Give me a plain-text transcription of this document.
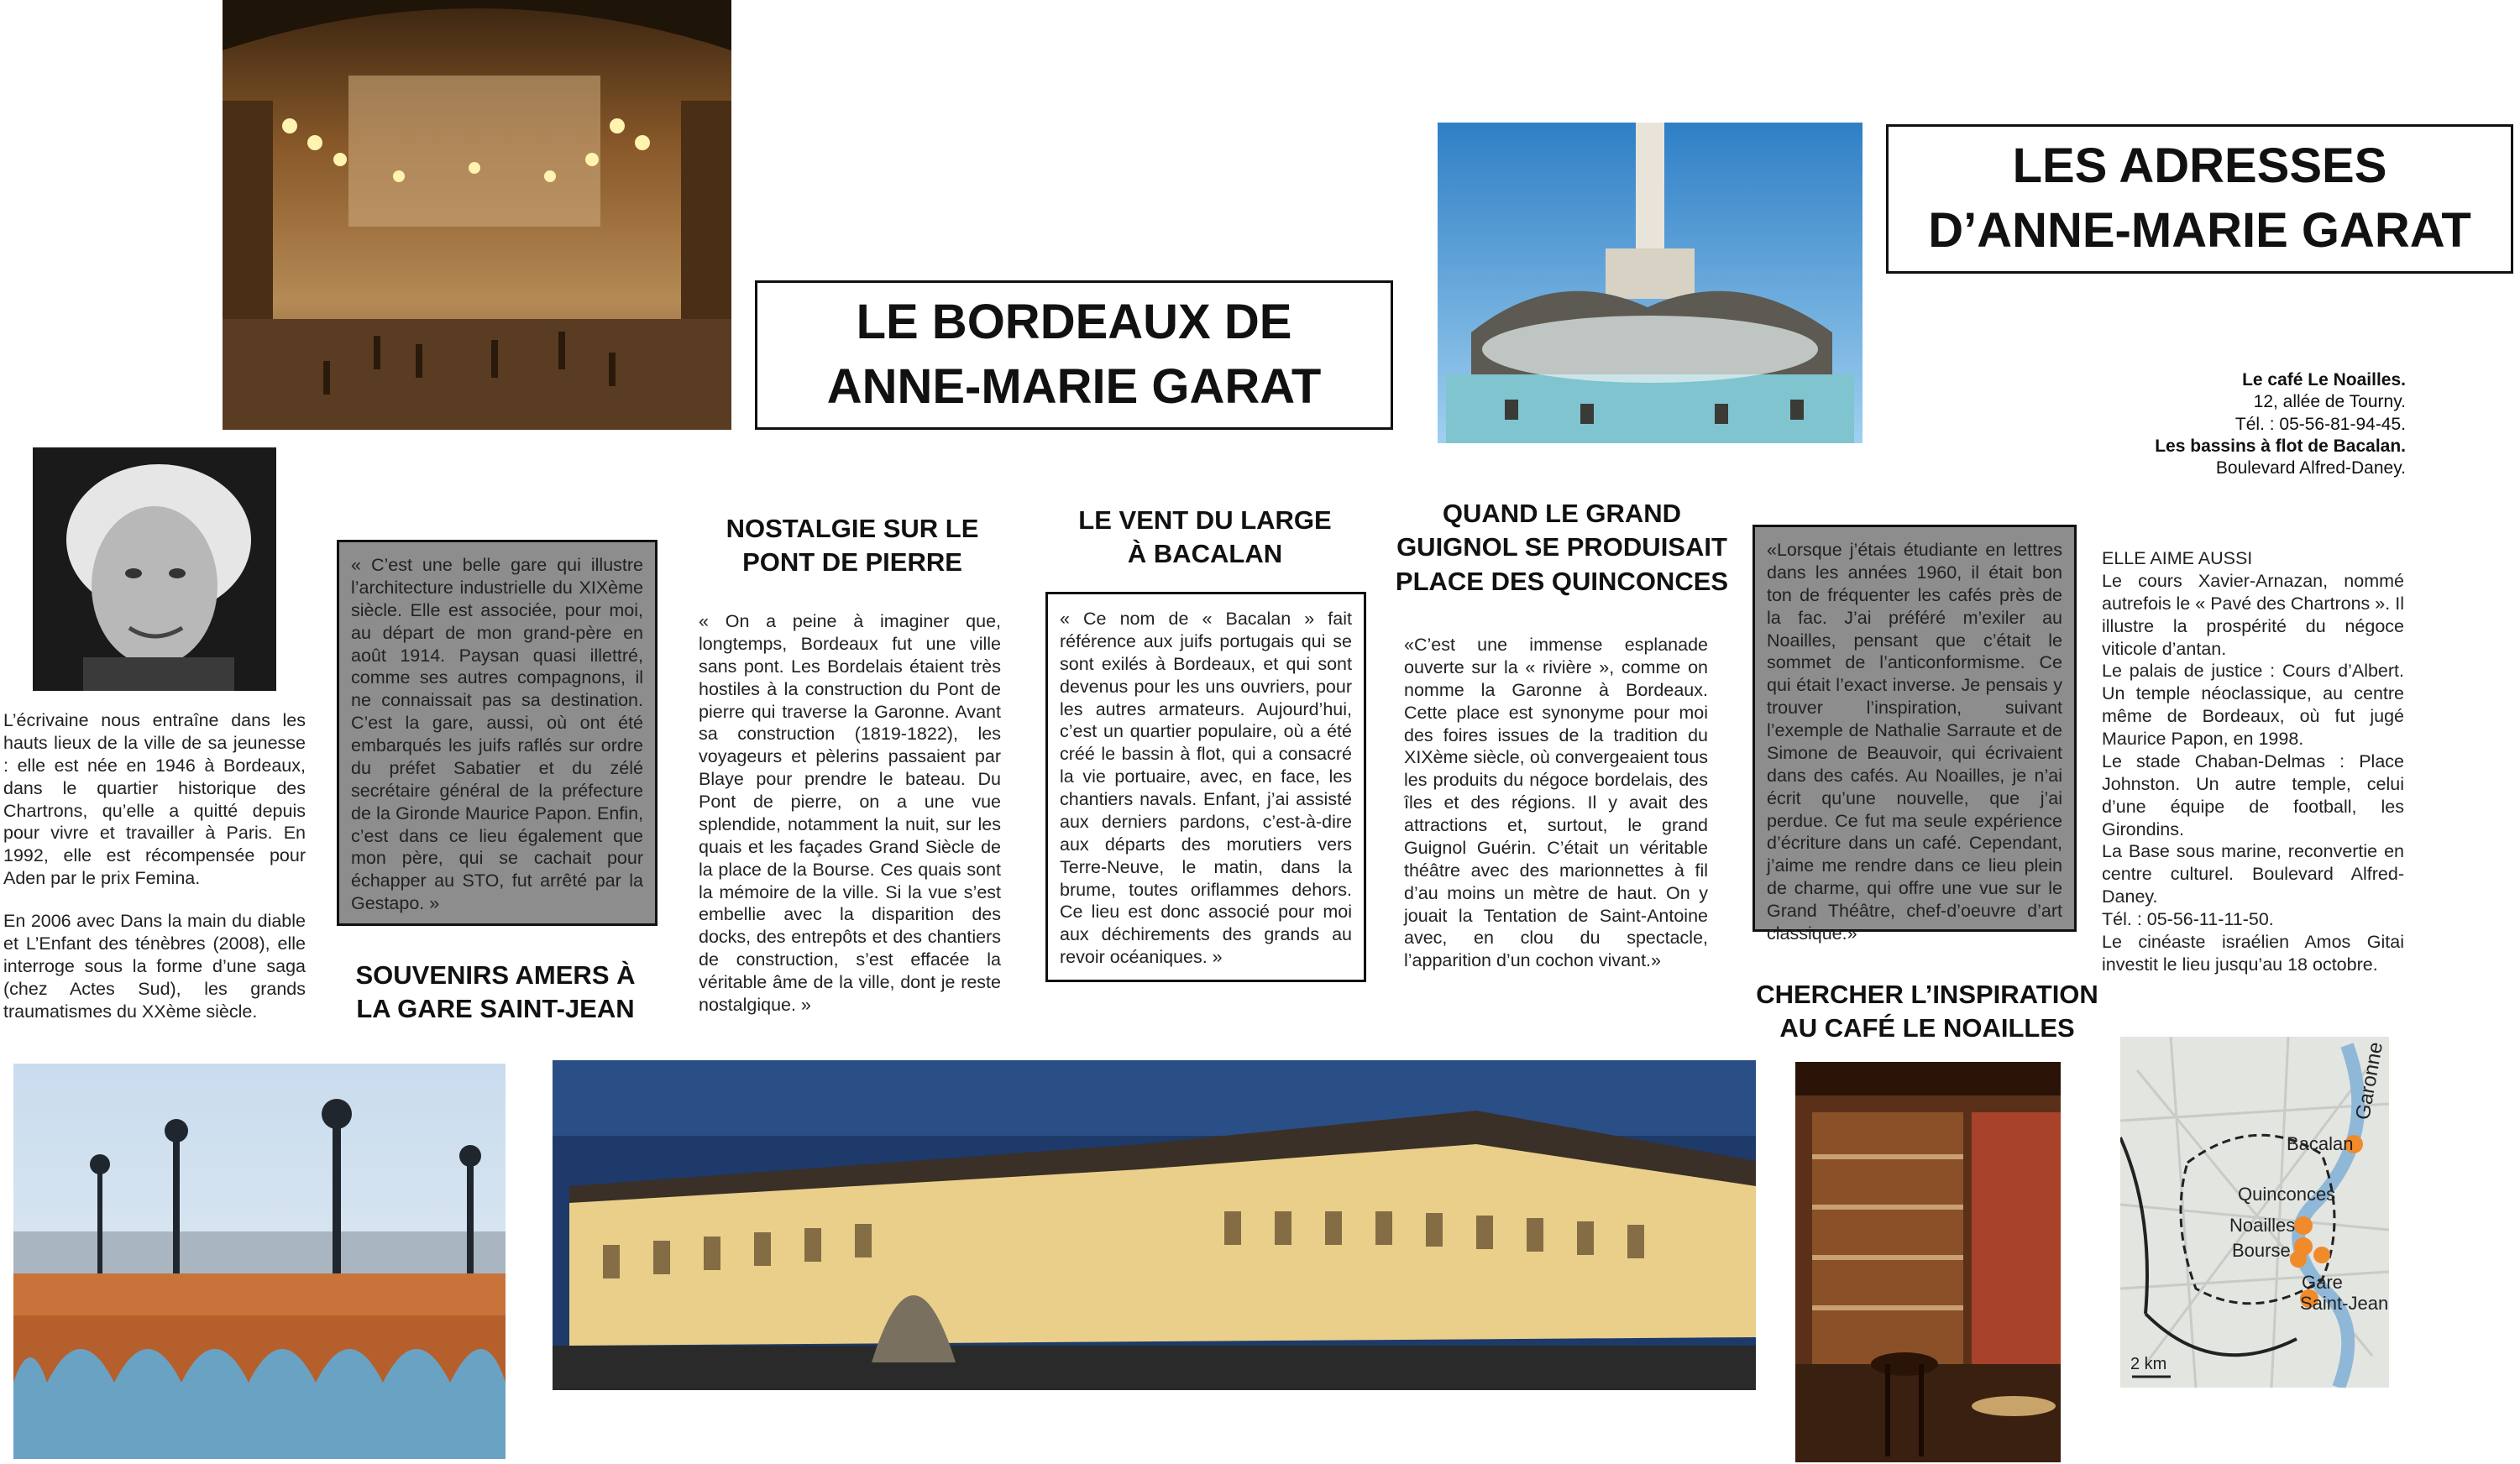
Garonne
Bacalan
Quinconces
Noailles
Bourse
Gare
Saint-Jean
2 km
LE BORDEAUX DE
ANNE-MARIE GARAT
LES ADRESSES
D’ANNE-MARIE GARAT

L’écrivaine nous entraîne dans les hauts lieux de la ville de sa jeunesse : elle est née en 1946 à Bordeaux, dans le quartier historique des Chartrons, qu’elle a quitté depuis pour vivre et travailler à Paris. En 1992, elle est récompensée pour Aden par le prix Femina.

En 2006 avec Dans la main du diable et L’Enfant des ténèbres (2008), elle interroge sous la forme d’une saga (chez Actes Sud), les grands traumatismes du XXème siècle.

« C’est une belle gare qui illustre l’architecture industrielle du XIXème siècle. Elle est associée, pour moi, au départ de mon grand-père en août 1914. Paysan quasi illettré, comme ses autres compagnons, il ne connaissait pas sa destination. C’est la gare, aussi, où ont été embarqués les juifs raflés sur ordre du préfet Sabatier et du zélé secrétaire général de la préfecture de la Gironde Maurice Papon. Enfin, c’est dans ce lieu également que mon père, qui se cachait pour échapper au STO, fut arrêté par la Gestapo. »
SOUVENIRS AMERS À
LA GARE SAINT-JEAN
NOSTALGIE SUR LE
PONT DE PIERRE
« On a peine à imaginer que, longtemps, Bordeaux fut une ville sans pont. Les Bordelais étaient très hostiles à la construction du Pont de pierre qui traverse la Garonne. Avant sa construction (1819-1822), les voyageurs et pèlerins passaient par Blaye pour prendre le bateau. Du Pont de pierre, on a une vue splendide, notamment la nuit, sur les quais et les façades Grand Siècle de la place de la Bourse. Ces quais sont la mémoire de la ville. Si la vue s’est embellie avec la disparition des docks, des entrepôts et des chantiers de construction, s’est effacée la véritable âme de la ville, dont je reste nostalgique. »
LE VENT DU LARGE
À BACALAN
« Ce nom de « Bacalan » fait référence aux juifs portugais qui se sont exilés à Bordeaux, et qui sont devenus pour les uns ouvriers, pour les autres armateurs. Aujourd’hui, c’est un quartier populaire, où a été créé le bassin à flot, qui a consacré la vie portuaire, avec, en face, les chantiers navals. Enfant, j’ai assisté aux derniers pardons, c’est-à-dire aux départs des morutiers vers Terre-Neuve, le matin, dans la brume, toutes oriflammes dehors. Ce lieu est donc associé pour moi aux déchirements des grands au revoir océaniques. »
QUAND LE GRAND
GUIGNOL SE PRODUISAIT
PLACE DES QUINCONCES
«C’est une immense esplanade ouverte sur la « rivière », comme on nomme la Garonne à Bordeaux. Cette place est synonyme pour moi des foires issues de la tradition du XIXème siècle, où convergeaient tous les produits du négoce bordelais, des îles et des régions. Il y avait des attractions et, surtout, le grand Guignol Guérin. C’était un véritable théâtre avec des marionnettes à fil d’au moins un mètre de haut. On y jouait la Tentation de Saint-Antoine avec, en clou du spectacle, l’apparition d’un cochon vivant.»
«Lorsque j’étais étudiante en lettres dans les années 1960, il était bon ton de fréquenter les cafés près de la fac. J’ai préféré m’exiler au Noailles, pensant que c’était le sommet de l’anticonformisme. Ce qui était l’exact inverse. Je pensais y trouver l’inspiration, suivant l’exemple de Nathalie Sarraute et de Simone de Beauvoir, qui écrivaient dans des cafés. Au Noailles, je n’ai écrit qu’une nouvelle, que j’ai perdue. Ce fut ma seule expérience d’écriture dans un café. Cependant, j’aime me rendre dans ce lieu plein de charme, qui offre une vue sur le Grand Théâtre, chef-d’oeuvre d’art classique.»
CHERCHER L’INSPIRATION
AU CAFÉ LE NOAILLES
Le café Le Noailles.
12, allée de Tourny.
Tél. : 05-56-81-94-45.
Les bassins à flot de Bacalan.
Boulevard Alfred-Daney.

ELLE AIME AUSSI

Le cours Xavier-Arnazan, nommé autrefois le « Pavé des Chartrons ». Il illustre la prospérité du négoce viticole d’antan.

Le palais de justice : Cours d’Albert. Un temple néoclassique, au centre même de Bordeaux, où fut jugé Maurice Papon, en 1998.

Le stade Chaban-Delmas : Place Johnston. Un autre temple, celui d’une équipe de football, les Girondins.

La Base sous marine, reconvertie en centre culturel. Boulevard Alfred-Daney.

Tél. : 05-56-11-11-50.

Le cinéaste israélien Amos Gitai investit le lieu jusqu’au 18 octobre.
